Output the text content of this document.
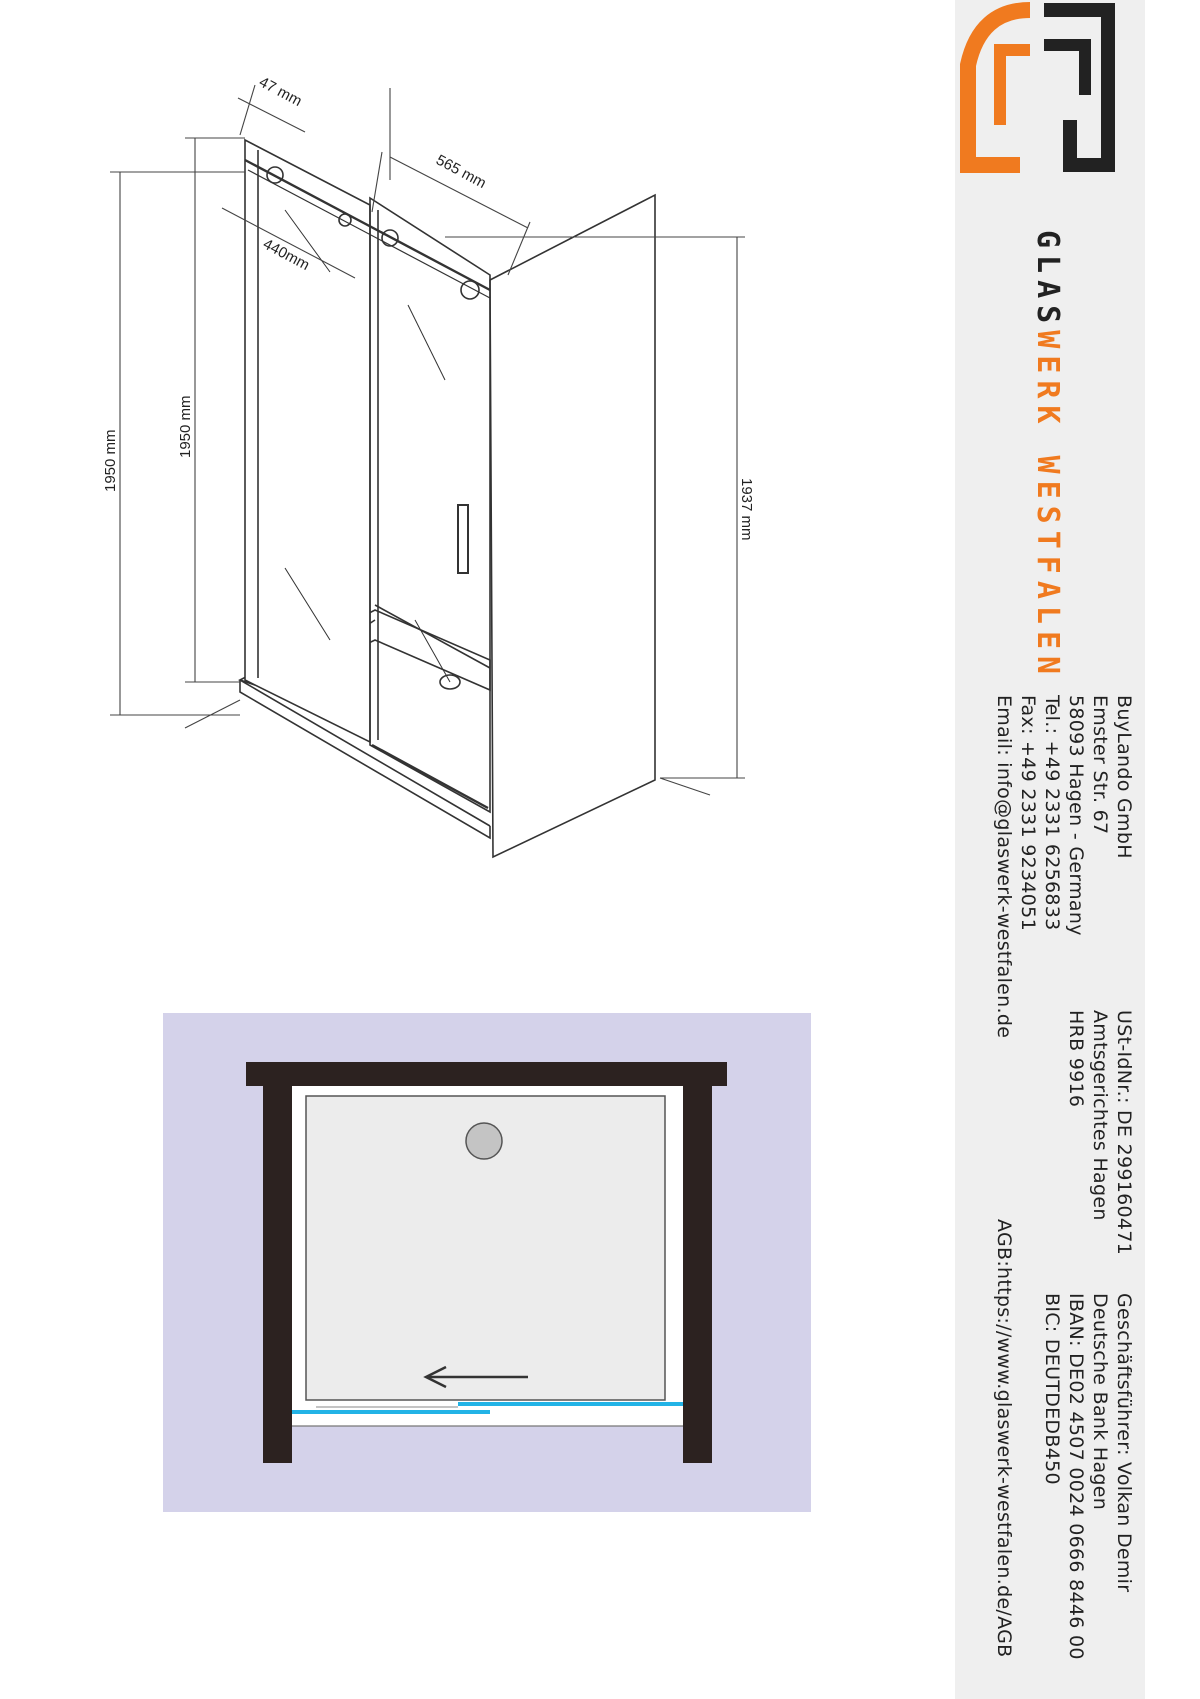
GLASWERK WESTFALEN
BuyLando GmbH
Emster Str. 67
58093 Hagen - Germany
Tel.: +49 2331 6256833
Fax: +49 2331 9234051
Email: info@glaswerk-westfalen.de
USt-IdNr.: DE 299160471
Amtsgerichtes Hagen
HRB 9916
Geschäftsführer: Volkan Demir
Deutsche Bank Hagen
IBAN: DE02 4507 0024 0666 8446 00
BIC: DEUTDEDB450
AGB:https://www.glaswerk-westfalen.de/AGB
1950 mm
1950 mm
1937 mm
47 mm
565 mm
440mm
